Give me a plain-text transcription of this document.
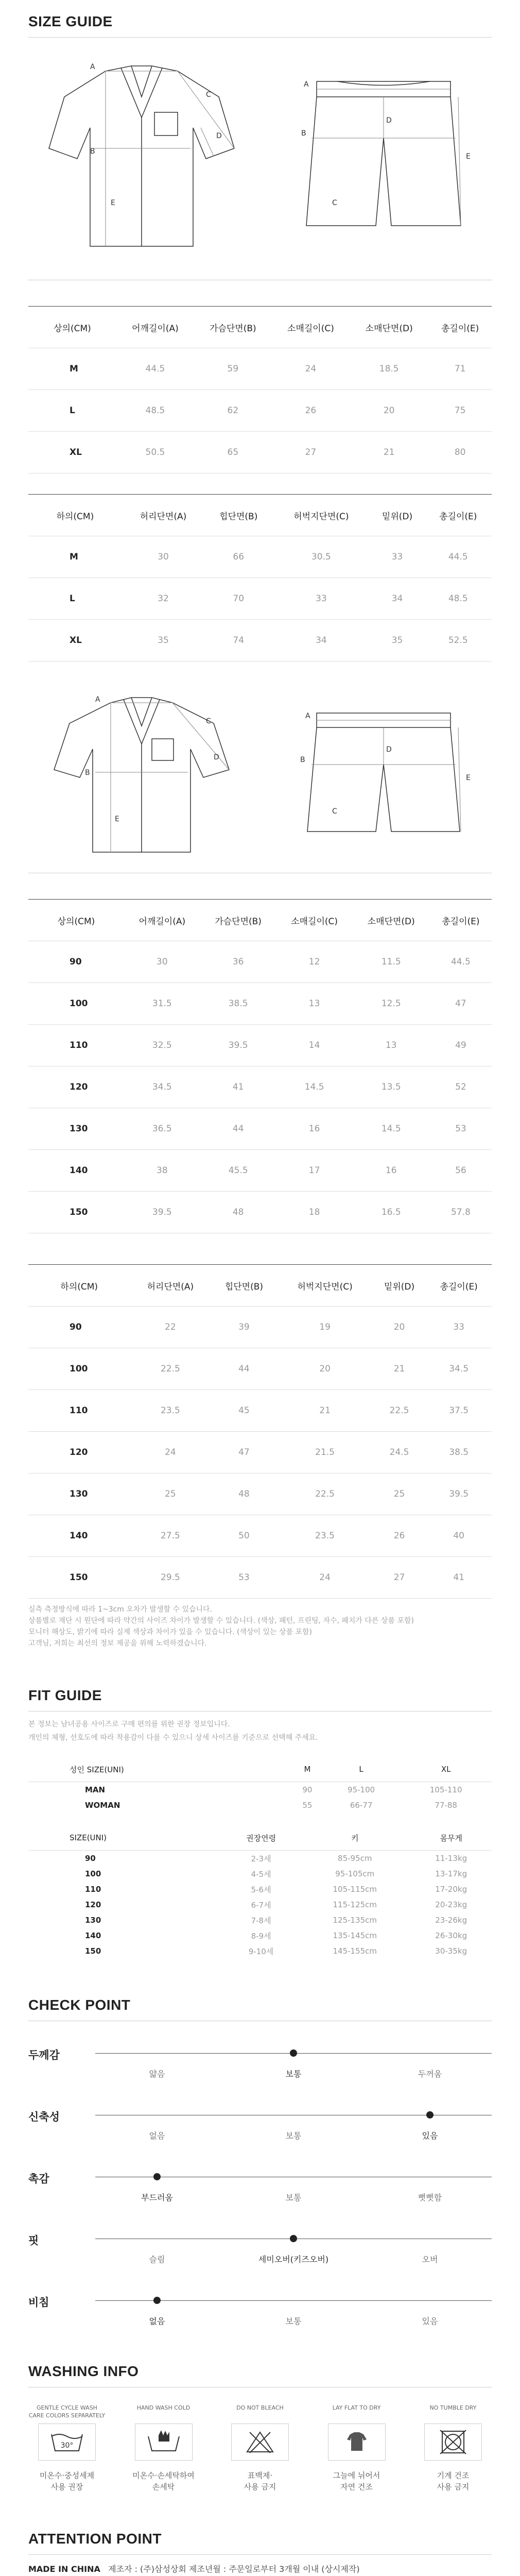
SIZE GUIDE
A
B
C
D
E
A
B
C
D
E
상의(CM)	어깨길이(A)	가슴단면(B)	소매길이(C)	소매단면(D)	총길이(E)
M	44.5	59	24	18.5	71
L	48.5	62	26	20	75
XL	50.5	65	27	21	80
하의(CM)	허리단면(A)	힙단면(B)	허벅지단면(C)	밑위(D)	총길이(E)
M	30	66	30.5	33	44.5
L	32	70	33	34	48.5
XL	35	74	34	35	52.5
A
B
C
D
E
A
B
C
D
E
상의(CM)	어깨길이(A)	가슴단면(B)	소매길이(C)	소매단면(D)	총길이(E)
90	30	36	12	11.5	44.5
100	31.5	38.5	13	12.5	47
110	32.5	39.5	14	13	49
120	34.5	41	14.5	13.5	52
130	36.5	44	16	14.5	53
140	38	45.5	17	16	56
150	39.5	48	18	16.5	57.8
하의(CM)	허리단면(A)	힙단면(B)	허벅지단면(C)	밑위(D)	총길이(E)
90	22	39	19	20	33
100	22.5	44	20	21	34.5
110	23.5	45	21	22.5	37.5
120	24	47	21.5	24.5	38.5
130	25	48	22.5	25	39.5
140	27.5	50	23.5	26	40
150	29.5	53	24	27	41
실측 측정방식에 따라 1~3cm 오차가 발생할 수 있습니다.
상품별로 재단 시 원단에 따라 약간의 사이즈 차이가 발생할 수 있습니다. (색상, 패턴, 프린팅, 자수, 패치가 다른 상품 포함)
모니터 해상도, 밝기에 따라 실제 색상과 차이가 있을 수 있습니다. (색상이 있는 상품 포함)
고객님, 저희는 최선의 정보 제공을 위해 노력하겠습니다.
FIT GUIDE
본 정보는 남녀공용 사이즈로 구매 편의를 위한 권장 정보입니다.
개인의 체형, 선호도에 따라 착용감이 다를 수 있으니 상세 사이즈를 기준으로 선택해 주세요.
성인 SIZE(UNI)	M	L	XL
MAN	90	95-100	105-110
WOMAN	55	66-77	77-88
SIZE(UNI)	권장연령	키	몸무게
90	2-3세	85-95cm	11-13kg
100	4-5세	95-105cm	13-17kg
110	5-6세	105-115cm	17-20kg
120	6-7세	115-125cm	20-23kg
130	7-8세	125-135cm	23-26kg
140	8-9세	135-145cm	26-30kg
150	9-10세	145-155cm	30-35kg
CHECK POINT
두께감
얇음	보통	두꺼움
신축성
없음	보통	있음
촉감
부드러움	보통	뻣뻣함
핏
슬림	세미오버(키즈오버)	오버
비침
없음	보통	있음
WASHING INFO
GENTLE CYCLE WASH CARE COLORS SEPARATELY
30°
미온수·중성세제
사용 권장
HAND WASH COLD
미온수·손세탁하여
손세탁
DO NOT BLEACH
표백제·
사용 금지
LAY FLAT TO DRY
그늘에 뉘어서
자연 건조
NO TUMBLE DRY
기계 건조
사용 금지
ATTENTION POINT
MADE IN CHINA 제조자 : (주)삼성상회 제조년월 : 주문일로부터 3개월 이내 (상시제작)
